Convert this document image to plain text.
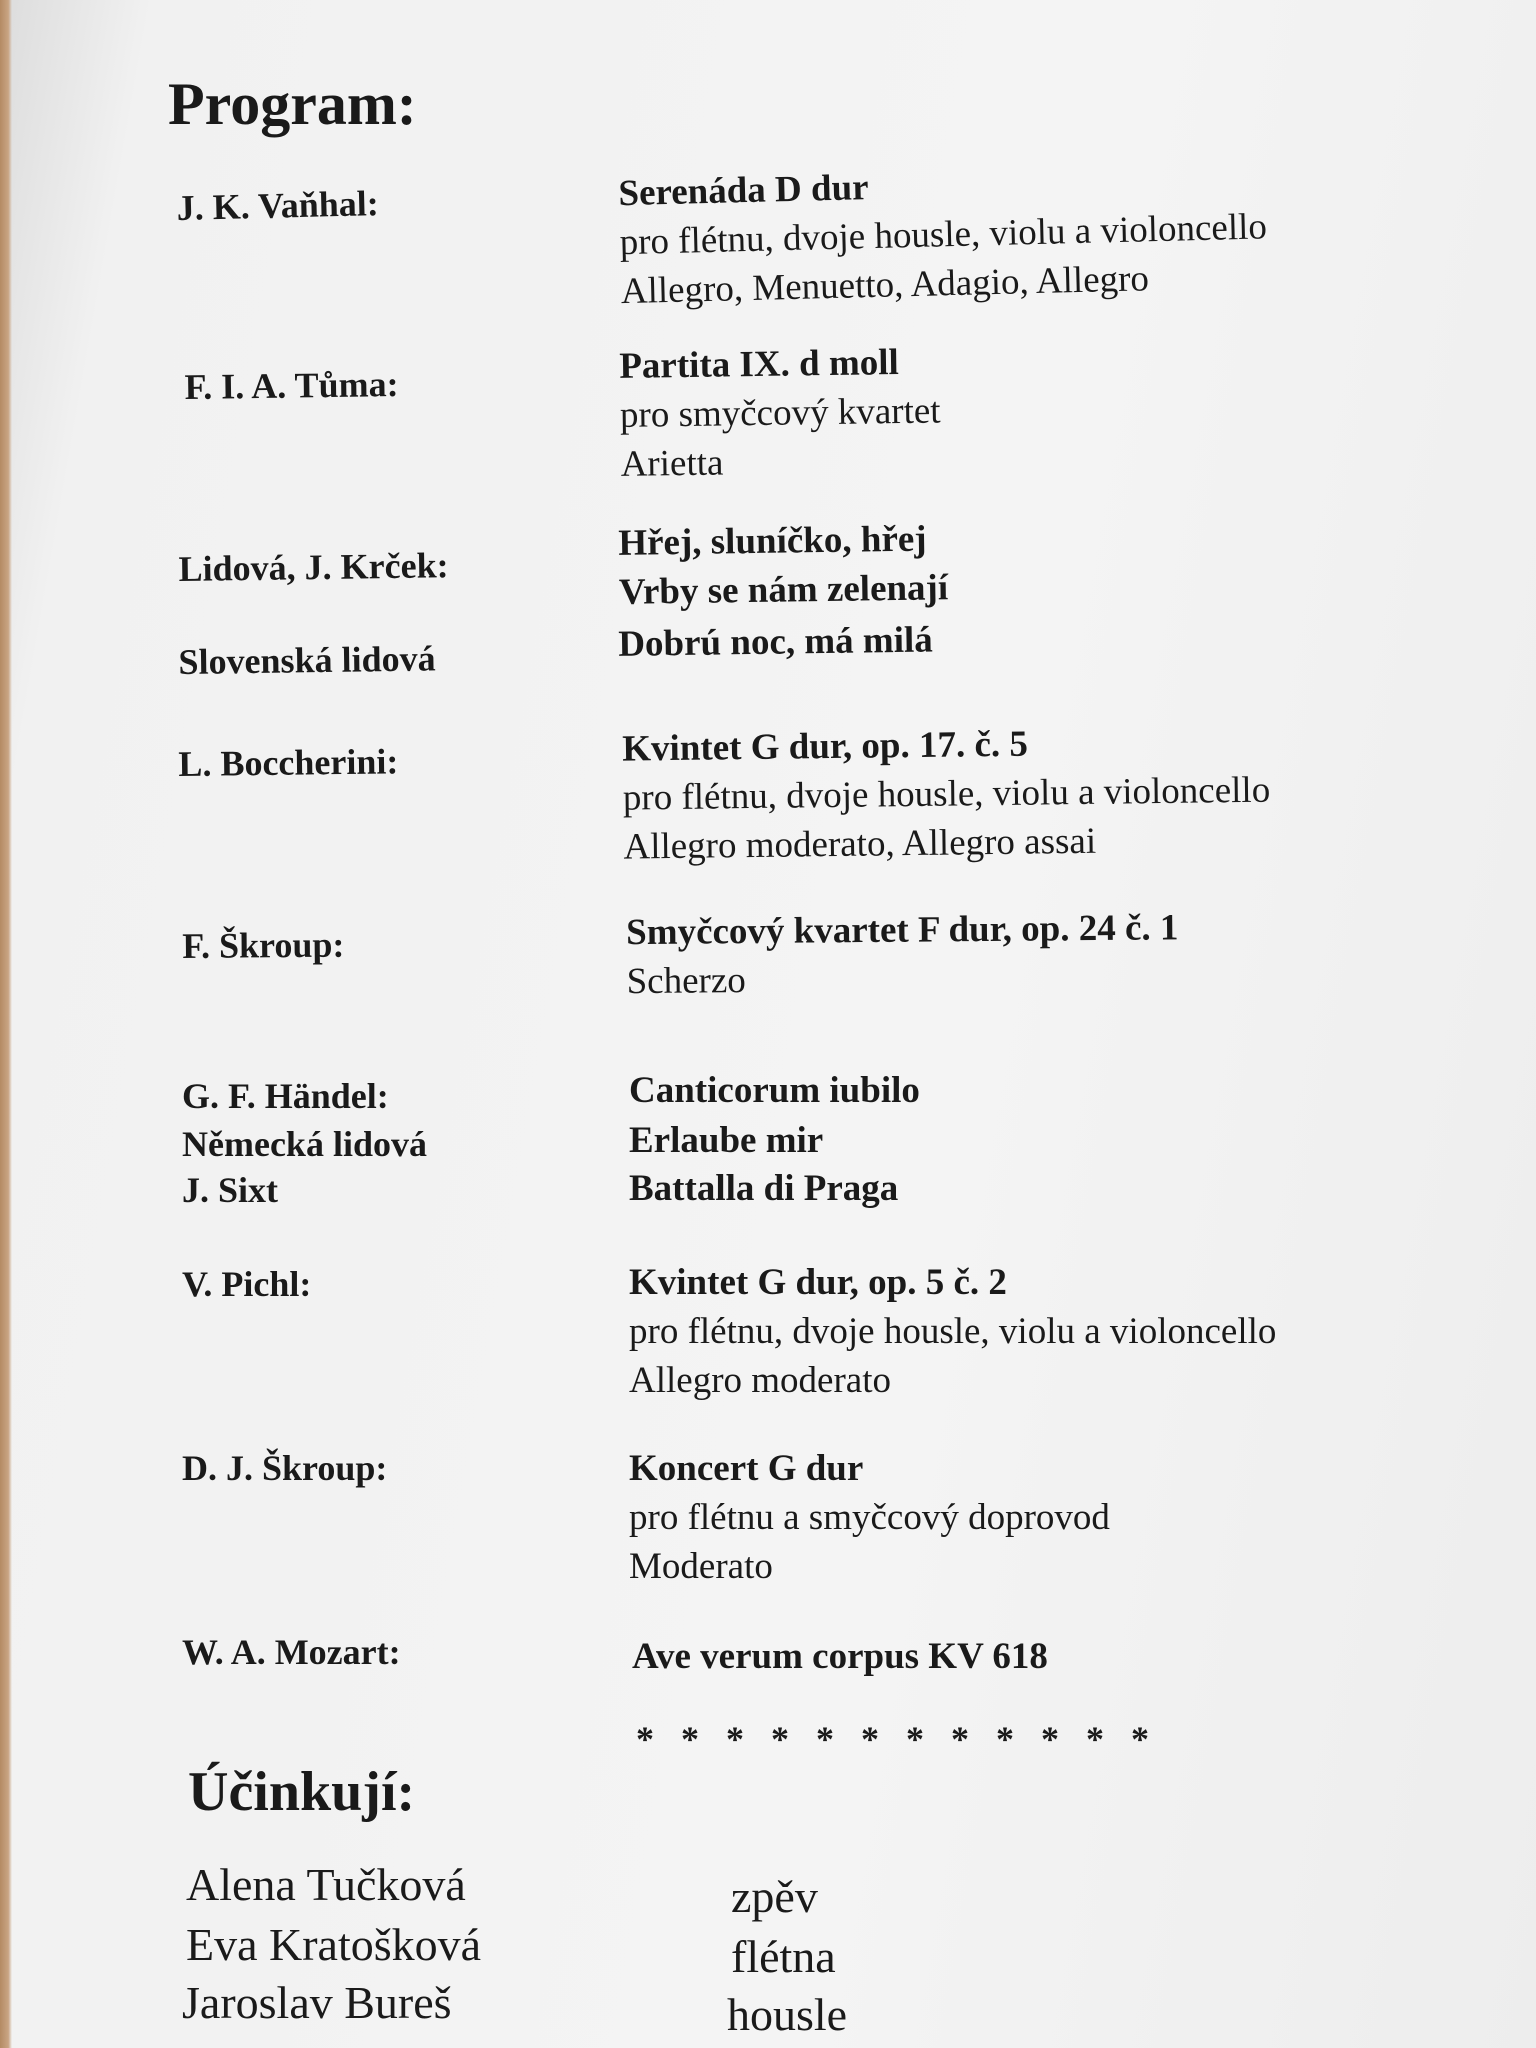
Program:
J. K. Vaňhal:	Serenáda D dur
pro flétnu, dvoje housle, violu a violoncello
Allegro, Menuetto, Adagio, Allegro
F. I. A. Tůma:	Partita IX. d moll
pro smyčcový kvartet
Arietta
Lidová, J. Krček:
Hřej, sluníčko, hřej
Vrby se nám zelenají
Slovenská lidová	Dobrú noc, má milá
L. Boccherini:	Kvintet G dur, op. 17. č. 5
pro flétnu, dvoje housle, violu a violoncello
Allegro moderato, Allegro assai
F. Škroup:	Smyčcový kvartet F dur, op. 24 č. 1
Scherzo
G. F. Händel:	Canticorum iubilo
Německá lidová	Erlaube mir
J. Sixt	Battalla di Praga
V. Pichl:	Kvintet G dur, op. 5 č. 2
pro flétnu, dvoje housle, violu a violoncello
Allegro moderato
D. J. Škroup:	Koncert G dur
pro flétnu a smyčcový doprovod
Moderato
W. A. Mozart:	Ave verum corpus KV 618
* * * * * * * * * * * *
Účinkují:
Alena Tučková	zpěv
Eva Kratošková	flétna
Jaroslav Bureš	housle
